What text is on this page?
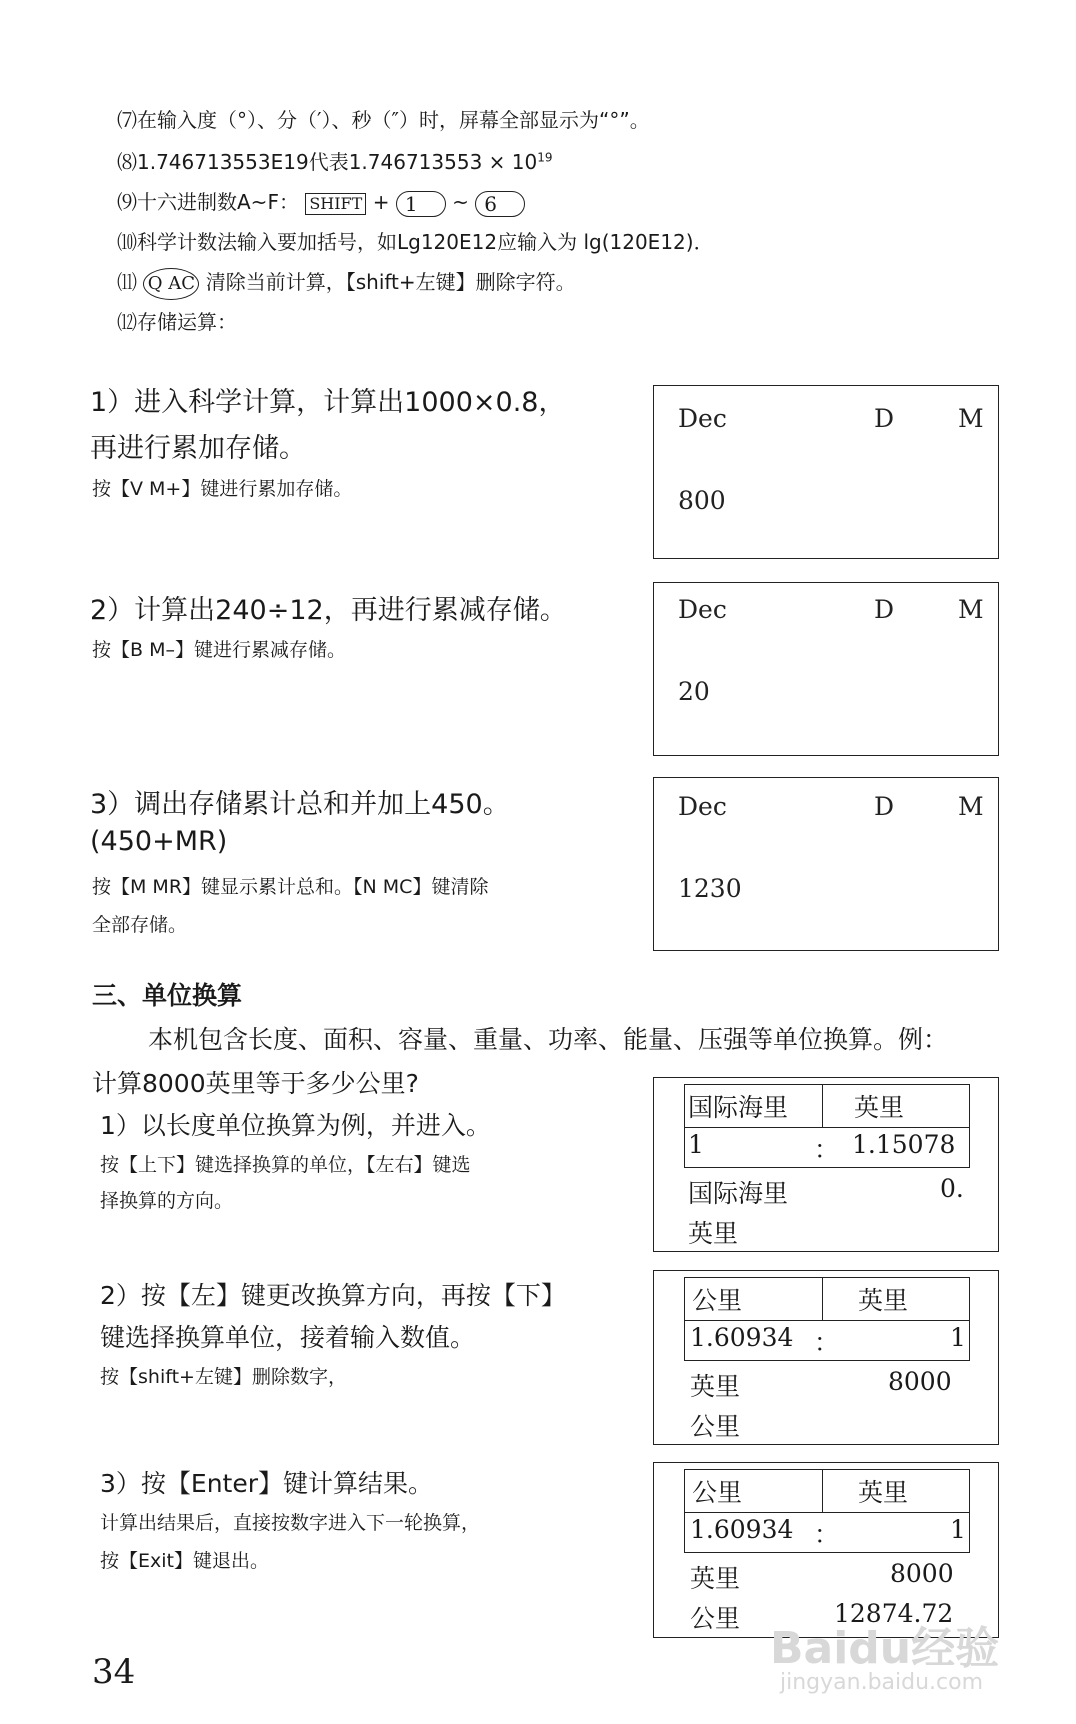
⑺在输入度（°）、分（′）、秒（″）时，屏幕全部显示为“°”。
⑻1.746713553E19代表$1.746713553 \times 10^{19}$
⑼十六进制数A~F： SHIFT + 1 ~ 6
⑽科学计数法输入要加括号，如Lg120E12应输入为 lg(120E12)．
⑾ Q AC 清除当前计算，【shift+左键】删除字符。
⑿存储运算：
1）进入科学计算，计算出1000×0.8，
再进行累加存储。
按【V M+】键进行累加存储。
Dec	D	M
800
2）计算出240÷12，再进行累减存储。
按【B M–】键进行累减存储。
Dec	D	M
20
3）调出存储累计总和并加上450。
(450+MR)
按【M MR】键显示累计总和。【N MC】键清除
全部存储。
Dec	D	M
1230
三、单位换算
本机包含长度、面积、容量、重量、功率、能量、压强等单位换算。例：
计算8000英里等于多少公里?
1）以长度单位换算为例，并进入。
按【上下】键选择换算的单位，【左右】键选
择换算的方向。
国际海里	英里
1	： 1.15078
国际海里	0.
英里
2）按【左】键更改换算方向，再按【下】
键选择换算单位，接着输入数值。
按【shift+左键】删除数字，
公里	英里
1.60934 ：	1
英里	8000
公里
3）按【Enter】键计算结果。
计算出结果后，直接按数字进入下一轮换算，
按【Exit】键退出。
公里	英里
1.60934 ：	1
英里	8000
公里	12874.72
34	Baidu经验
jingyan.baidu.com
